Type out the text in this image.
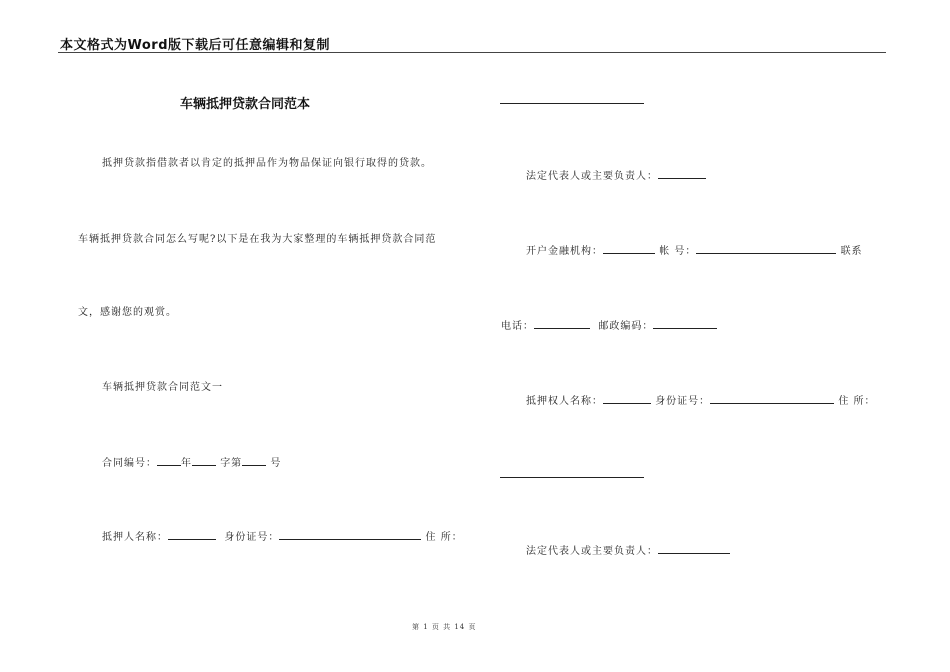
本文格式为Word版下载后可任意编辑和复制
车辆抵押贷款合同范本
抵押贷款指借款者以肯定的抵押品作为物品保证向银行取得的贷款。
车辆抵押贷款合同怎么写呢?以下是在我为大家整理的车辆抵押贷款合同范
文，感谢您的观赏。
车辆抵押贷款合同范文一
合同编号： 年	字第	号
抵押人名称：	身份证号：	住 所：
法定代表人或主要负责人：
开户金融机构：	帐 号：	联系
电话：	邮政编码：
抵押权人名称：	身份证号：	住 所：
法定代表人或主要负责人：
第 1 页 共 14 页
